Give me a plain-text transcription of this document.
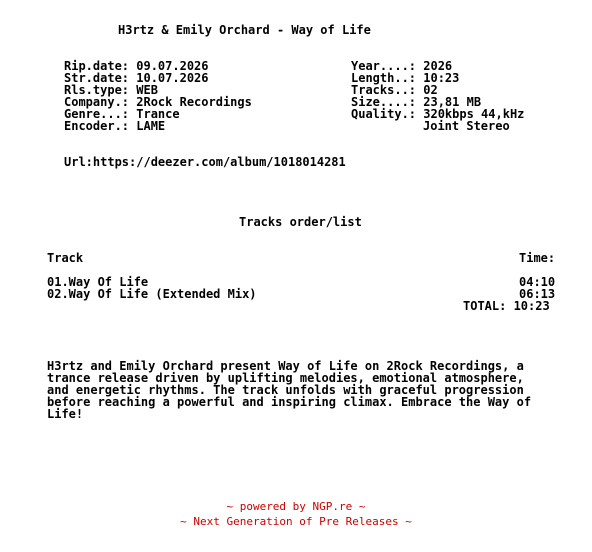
H3rtz & Emily Orchard - Way of Life
Rip.date: 09.07.2026
Str.date: 10.07.2026
Rls.type: WEB
Company.: 2Rock Recordings
Genre...: Trance
Encoder.: LAME
Year....: 2026
Length..: 10:23
Tracks..: 02
Size....: 23,81 MB
Quality.: 320kbps 44,kHz
Joint Stereo
Url:https://deezer.com/album/1018014281
Tracks order/list
Track	Time:
01.Way Of Life	04:10
02.Way Of Life (Extended Mix)	06:13
TOTAL: 10:23
H3rtz and Emily Orchard present Way of Life on 2Rock Recordings, a
trance release driven by uplifting melodies, emotional atmosphere,
and energetic rhythms. The track unfolds with graceful progression
before reaching a powerful and inspiring climax. Embrace the Way of
Life!
~ powered by NGP.re ~
~ Next Generation of Pre Releases ~
